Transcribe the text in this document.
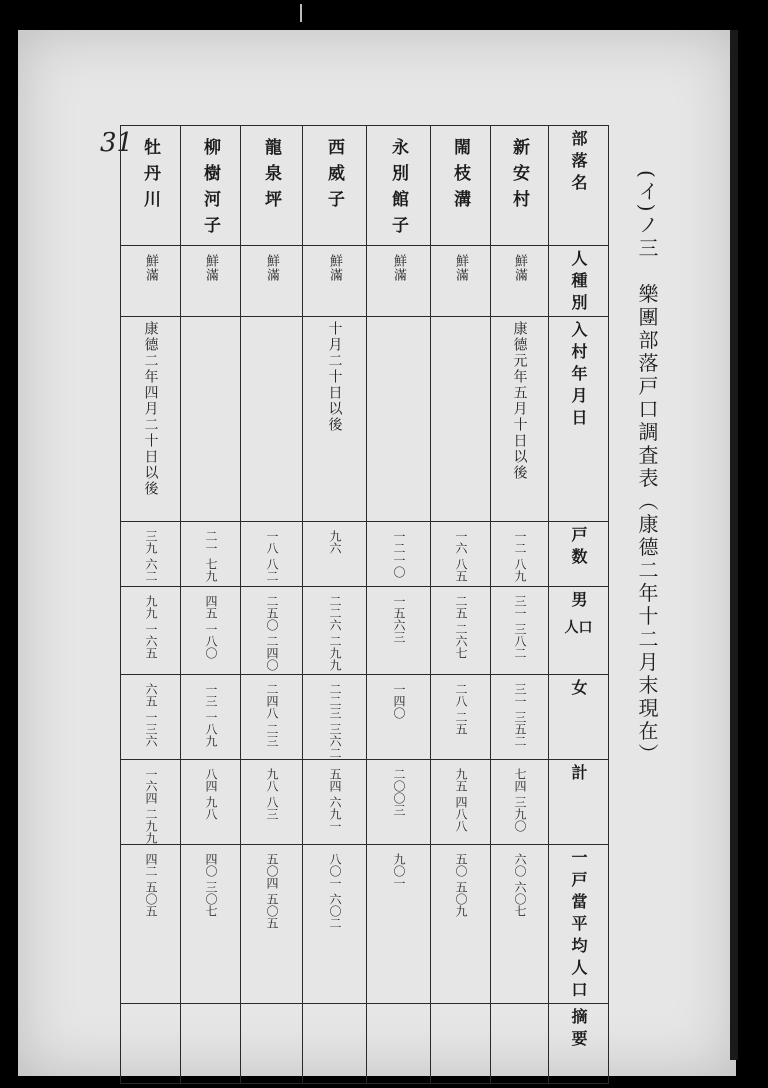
31
(イ)ノ三　樂團部落戸口調査表（康德二年十二月末現在）
牡丹川	柳樹河子	龍泉坪	西威子	永別館子	閙枝溝	新安村	部落名

鮮滿	鮮滿	鮮滿	鮮滿	鮮滿	鮮滿	鮮滿	人種別

康德二年四月二十日以後			十月二十日以後			康德元年五月十日以後	入村年月日

三九 六二	二一 七九	一八 八二	九六	一二一〇	一六 八五	一二 八九	戸数

九九 一六五	四五 一八〇	二五〇 二四〇	二二六 二九九	一五六三	二五 二六七	三一 三八二	男
人口

六五 一三六	一三 一八九	二四八 二三	二二三 三六二	一四〇	二八 二五	三一 三五二	女

一六四 二九九	八四 九八	九八 八三	五四 六九一	二〇〇三	九五 四八八	七四 三九〇	計

四二 五〇五	四〇 三〇七	五〇四 五〇五	八〇一 六〇二	九〇一	五〇 五〇九	六〇 六〇七	一戸當平均人口

							摘要
